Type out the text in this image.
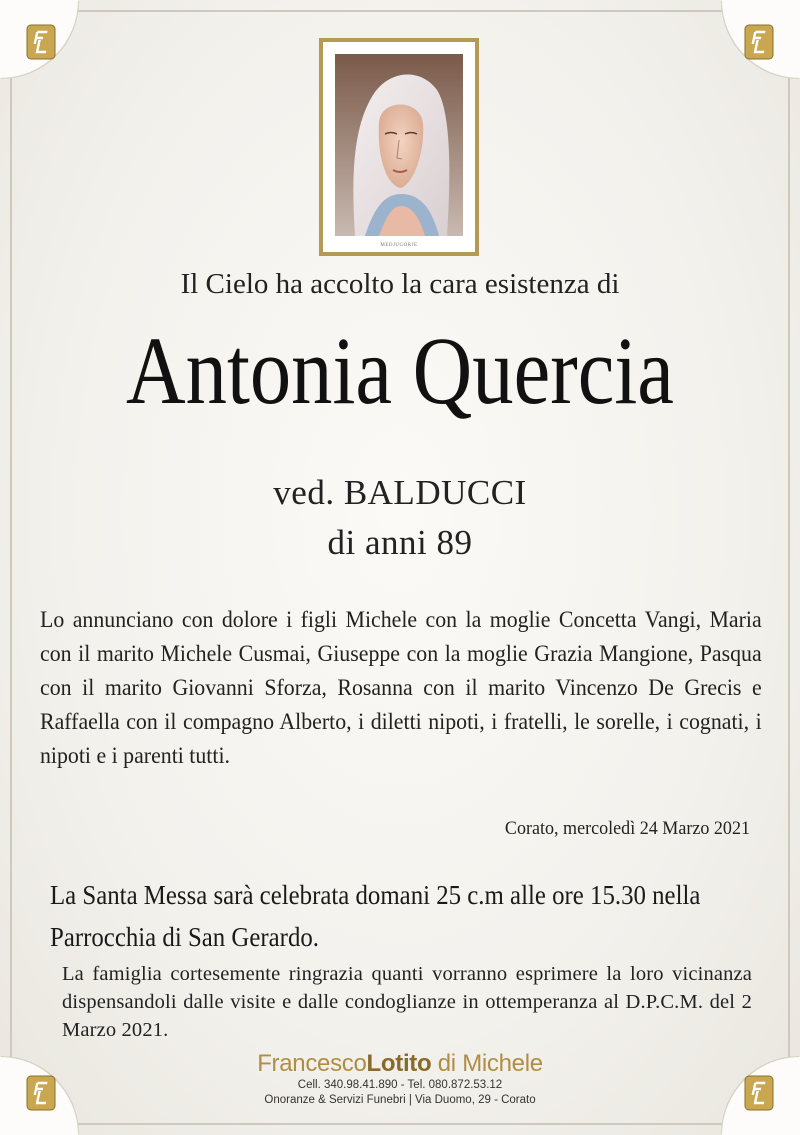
MEDJUGORJE
Il Cielo ha accolto la cara esistenza di
Antonia Quercia
ved. BALDUCCI
di anni 89
Lo annunciano con dolore i figli Michele con la moglie Concetta Vangi, Maria con il marito Michele Cusmai, Giuseppe con la moglie Grazia Mangione, Pasqua con il marito Giovanni Sforza, Rosanna con il marito Vincenzo De Grecis e Raffaella con il compagno Alberto, i diletti nipoti, i fratelli, le sorelle, i cognati, i nipoti e i parenti tutti.
Corato, mercoledì 24 Marzo 2021
La Santa Messa sarà celebrata domani 25 c.m alle ore 15.30 nella Parrocchia di San Gerardo.
La famiglia cortesemente ringrazia quanti vorranno esprimere la loro vicinanza dispensandoli dalle visite e dalle condoglianze in ottemperanza al D.P.C.M. del 2 Marzo 2021.
FrancescoLotito di Michele
Cell. 340.98.41.890 - Tel. 080.872.53.12
Onoranze & Servizi Funebri | Via Duomo, 29 - Corato
